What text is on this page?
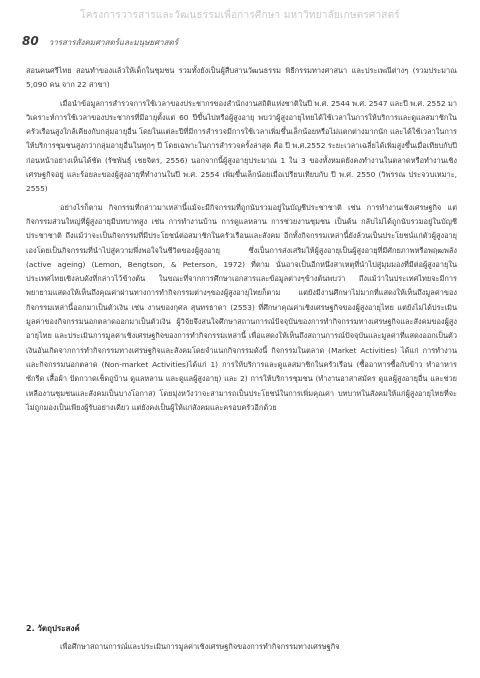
โครงการวารสารและวัฒนธรรมเพื่อการศึกษา มหาวิทยาลัยเกษตรศาสตร์
80 วารสารสังคมศาสตร์และมนุษยศาสตร์

สอนคนศรีไทย สอนทำของแล้วให้เด็กในชุมชน รวมทั้งยังเป็นผู้สืบสานวัฒนธรรม พิธีกรรมทางศาสนา และประเพณีต่างๆ (รวมประมาณ 5,090 คน จาก 22 สาขา)

เมื่อนำข้อมูลการสำรวจการใช้เวลาของประชากรของสำนักงานสถิติแห่งชาติในปี พ.ศ. 2544 พ.ศ. 2547 และปี พ.ศ. 2552 มาวิเคราะห์การใช้เวลาของประชากรที่มีอายุตั้งแต่ 60 ปีขึ้นไปหรือผู้สูงอายุ พบว่าผู้สูงอายุไทยได้ใช้เวลาในการให้บริการและดูแลสมาชิกในครัวเรือนสูงใกล้เคียงกับกลุ่มอายุอื่น โดยในแต่ละปีที่มีการสำรวจมีการใช้เวลาเพิ่มขึ้นเล็กน้อยหรือไม่แตกต่างมากนัก และได้ใช้เวลาในการให้บริการชุมชนสูงกว่ากลุ่มอายุอื่นในทุกๆ ปี โดยเฉพาะในการสำรวจครั้งล่าสุด คือ ปี พ.ศ.2552 ระยะเวลาเฉลี่ยได้เพิ่มสูงขึ้นเมื่อเทียบกับปีก่อนหน้าอย่างเห็นได้ชัด (รัชพันธุ์ เชยจิตร, 2556) นอกจากนี้ผู้สูงอายุประมาณ 1 ใน 3 ของทั้งหมดยังคงทำงานในตลาดหรือทำงานเชิงเศรษฐกิจอยู่ และร้อยละของผู้สูงอายุที่ทำงานในปี พ.ศ. 2554 เพิ่มขึ้นเล็กน้อยเมื่อเปรียบเทียบกับ ปี พ.ศ. 2550 (วิพรรณ ประจวบเหมาะ, 2555)

อย่างไรก็ตาม กิจกรรมที่กล่าวมาเหล่านี้แม้จะมีกิจกรรมที่ถูกนับรวมอยู่ในบัญชีประชาชาติ เช่น การทำงานเชิงเศรษฐกิจ แต่กิจกรรมส่วนใหญ่ที่ผู้สูงอายุมีบทบาทสูง เช่น การทำงานบ้าน การดูแลหลาน การช่วยงานชุมชน เป็นต้น กลับไม่ได้ถูกนับรวมอยู่ในบัญชีประชาชาติ ถึงแม้ว่าจะเป็นกิจกรรมที่มีประโยชน์ต่อสมาชิกในครัวเรือนและสังคม อีกทั้งกิจกรรมเหล่านี้ยังล้วนเป็นประโยชน์แก่ตัวผู้สูงอายุเองโดยเป็นกิจกรรมที่นำไปสู่ความพึ่งพอใจในชีวิตของผู้สูงอายุ ซึ่งเป็นการส่งเสริมให้ผู้สูงอายุเป็นผู้สูงอายุที่มีศักยภาพหรือพฤฒพลัง (active ageing) (Lemon, Bengtson, & Peterson, 1972) ที่ตาม นั่นอาจเป็นอีกหนึ่งสาเหตุที่นำไปสู่มุมมองที่มีต่อผู้สูงอายุในประเทศไทยเชิงลบดังที่กล่าวไว้ข้างต้น ในขณะที่จากการศึกษาเอกสารและข้อมูลต่างๆข้างต้นพบว่า ถึงแม้ว่าในประเทศไทยจะมีการพยายามแสดงให้เห็นถึงคุณค่าผ่านทางการทำกิจกรรมต่างๆของผู้สูงอายุไทยก็ตาม แต่ยังมีงานศึกษาไม่มากที่แสดงให้เห็นถึงมูลค่าของกิจกรรมเหล่านี้ออกมาเป็นตัวเงิน เช่น งานของกุศล สุนทรธาดา (2553) ที่ศึกษาคุณค่าเชิงเศรษฐกิจของผู้สูงอายุไทย แต่ยังไม่ได้ประเมินมูลค่าของกิจกรรมนอกตลาดออกมาเป็นตัวเงิน ผู้วิจัยจึงสนใจศึกษาสถานการณ์ปัจจุบันของการทำกิจกรรมทางเศรษฐกิจและสังคมของผู้สูงอายุไทย และประเมินการมูลค่าเชิงเศรษฐกิจของการทำกิจกรรมเหล่านี้ เพื่อแสดงให้เห็นถึงสถานการณ์ปัจจุบันและมูลค่าที่แสดงออกเป็นตัวเงินอันเกิดจากการทำกิจกรรมทางเศรษฐกิจและสังคมโดยจำแนกกิจกรรมดังนี้ กิจกรรมในตลาด (Market Activities) ได้แก่ การทำงาน และกิจกรรมนอกตลาด (Non-market Activities)ได้แก่ 1) การให้บริการและดูแลสมาชิกในครัวเรือน (ซื้ออาหารซื้อกับข้าว ทำอาหาร ซักรีด เสื้อผ้า ปัดกวาดเช็ดถูบ้าน ดูแลหลาน และดูแลผู้สูงอายุ) และ 2) การให้บริการชุมชน (ทำงานอาสาสมัคร ดูแลผู้สูงอายุอื่น และช่วยเหลืองานชุมชนและสังคมเป็นบางโอกาส) โดยมุ่งหวังว่าจะสามารถเป็นประโยชน์ในการเพิ่มคุณค่า บทบาทในสังคมให้แก่ผู้สูงอายุไทยที่จะไม่ถูกมองเป็นเพียงผู้รับอย่างเดียว แต่ยังคงเป็นผู้ให้แก่สังคมและครอบครัวอีกด้วย

2. วัตถุประสงค์
เพื่อศึกษาสถานการณ์และประเมินการมูลค่าเชิงเศรษฐกิจของการทำกิจกรรมทางเศรษฐกิจ
